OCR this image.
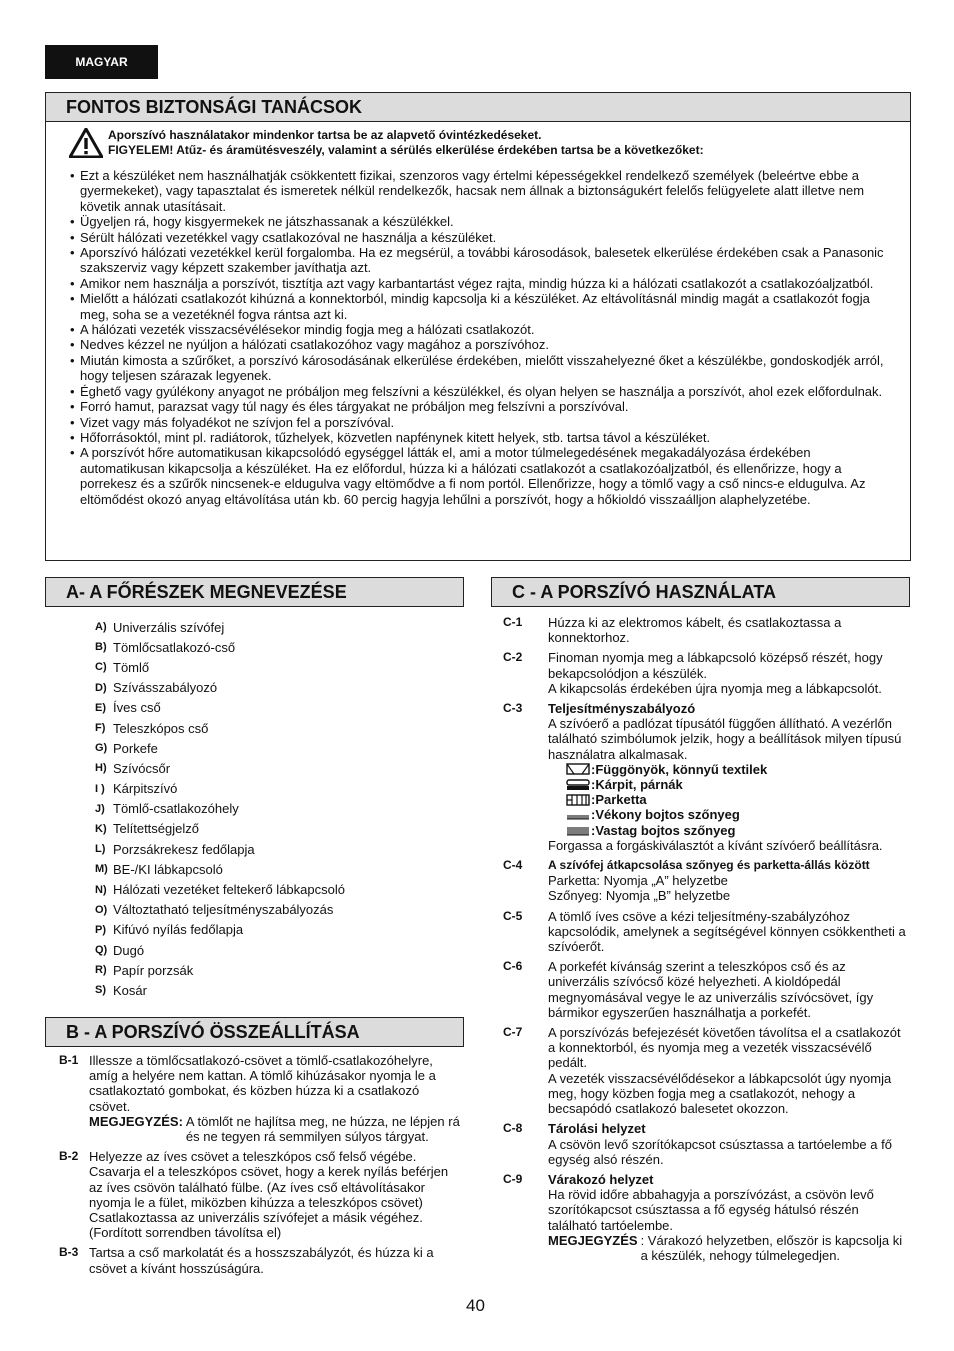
MAGYAR
FONTOS BIZTONSÁGI TANÁCSOK
Aporszívó használatakor mindenkor tartsa be az alapvető óvintézkedéseket.
FIGYELEM! Atűz- és áramütésveszély, valamint a sérülés elkerülése érdekében tartsa be a következőket:
• Ezt a készüléket nem használhatják csökkentett fizikai, szenzoros vagy értelmi képességekkel rendelkező személyek (beleértve ebbe a gyermekeket), vagy tapasztalat és ismeretek nélkül rendelkezők, hacsak nem állnak a biztonságukért felelős felügyelete alatt illetve nem követik annak utasításait.
• Ügyeljen rá, hogy kisgyermekek ne játszhassanak a készülékkel.
• Sérült hálózati vezetékkel vagy csatlakozóval ne használja a készüléket.
• Aporszívó hálózati vezetékkel kerül forgalomba. Ha ez megsérül, a további károsodások, balesetek elkerülése érdekében csak a Panasonic szakszerviz vagy képzett szakember javíthatja azt.
• Amikor nem használja a porszívót, tisztítja azt vagy karbantartást végez rajta, mindig húzza ki a hálózati csatlakozót a csatlakozóaljzatból.
• Mielőtt a hálózati csatlakozót kihúzná a konnektorból, mindig kapcsolja ki a készüléket. Az eltávolításnál mindig magát a csatlakozót fogja meg, soha se a vezetéknél fogva rántsa azt ki.
• A hálózati vezeték visszacsévélésekor mindig fogja meg a hálózati csatlakozót.
• Nedves kézzel ne nyúljon a hálózati csatlakozóhoz vagy magához a porszívóhoz.
• Miután kimosta a szűrőket, a porszívó károsodásának elkerülése érdekében, mielőtt visszahelyezné őket a készülékbe, gondoskodjék arról, hogy teljesen szárazak legyenek.
• Éghető vagy gyúlékony anyagot ne próbáljon meg felszívni a készülékkel, és olyan helyen se használja a porszívót, ahol ezek előfordulnak.
• Forró hamut, parazsat vagy túl nagy és éles tárgyakat ne próbáljon meg felszívni a porszívóval.
• Vizet vagy más folyadékot ne szívjon fel a porszívóval.
• Hőforrásoktól, mint pl. radiátorok, tűzhelyek, közvetlen napfénynek kitett helyek, stb. tartsa távol a készüléket.
• A porszívót hőre automatikusan kikapcsolódó egységgel látták el, ami a motor túlmelegedésének megakadályozása érdekében automatikusan kikapcsolja a készüléket. Ha ez előfordul, húzza ki a hálózati csatlakozót a csatlakozóaljzatból, és ellenőrizze, hogy a porrekesz és a szűrők nincsenek-e eldugulva vagy eltömődve a fi nom portól. Ellenőrizze, hogy a tömlő vagy a cső nincs-e eldugulva. Az eltömődést okozó anyag eltávolítása után kb. 60 percig hagyja lehűlni a porszívót, hogy a hőkioldó visszaálljon alaphelyzetébe.
A- A FŐRÉSZEK MEGNEVEZÉSE
A) Univerzális szívófej
B) Tömlőcsatlakozó-cső
C) Tömlő
D) Szívásszabályozó
E) Íves cső
F) Teleszkópos cső
G) Porkefe
H) Szívócsőr
I ) Kárpitszívó
J) Tömlő-csatlakozóhely
K) Telítettségjelző
L) Porzsákrekesz fedőlapja
M) BE-/KI lábkapcsoló
N) Hálózati vezetéket feltekerő lábkapcsoló
O) Változtatható teljesítményszabályozás
P) Kifúvó nyílás fedőlapja
Q) Dugó
R) Papír porzsák
S) Kosár
B - A PORSZÍVÓ ÖSSZEÁLLÍTÁSA
B-1 Illessze a tömlőcsatlakozó-csövet a tömlő-csatlakozóhelyre, amíg a helyére nem kattan. A tömlő kihúzásakor nyomja le a csatlakoztató gombokat, és közben húzza ki a csatlakozó csövet.
MEGJEGYZÉS: A tömlőt ne hajlítsa meg, ne húzza, ne lépjen rá és ne tegyen rá semmilyen súlyos tárgyat.
B-2 Helyezze az íves csövet a teleszkópos cső felső végébe. Csavarja el a teleszkópos csövet, hogy a kerek nyílás beférjen az íves csövön található fülbe. (Az íves cső eltávolításakor nyomja le a fület, miközben kihúzza a teleszkópos csövet) Csatlakoztassa az univerzális szívófejet a másik végéhez. (Fordított sorrendben távolítsa el)
B-3 Tartsa a cső markolatát és a hosszszabályzót, és húzza ki a csövet a kívánt hosszúságúra.
C - A PORSZÍVÓ HASZNÁLATA
C-1	Húzza ki az elektromos kábelt, és csatlakoztassa a konnektorhoz.
C-2	Finoman nyomja meg a lábkapcsoló középső részét, hogy bekapcsolódjon a készülék.
A kikapcsolás érdekében újra nyomja meg a lábkapcsolót.
C-3	Teljesítményszabályozó
A szívóerő a padlózat típusától függően állítható. A vezérlőn található szimbólumok jelzik, hogy a beállítások milyen típusú használatra alkalmasak.
:Függönyök, könnyű textilek
:Kárpit, párnák
:Parketta
:Vékony bojtos szőnyeg
:Vastag bojtos szőnyeg
Forgassa a forgáskiválasztót a kívánt szívóerő beállításra.
C-4	A szívófej átkapcsolása szőnyeg és parketta-állás között
Parketta: Nyomja „A” helyzetbe
Szőnyeg: Nyomja „B” helyzetbe
C-5	A tömlő íves csöve a kézi teljesítmény-szabályzóhoz kapcsolódik, amelynek a segítségével könnyen csökkentheti a szívóerőt.
C-6	A porkefét kívánság szerint a teleszkópos cső és az univerzális szívócső közé helyezheti. A kioldópedál megnyomásával vegye le az univerzális szívócsövet, így bármikor egyszerűen használhatja a porkefét.
C-7	A porszívózás befejezését követően távolítsa el a csatlakozót a konnektorból, és nyomja meg a vezeték visszacsévélő pedált.
A vezeték visszacsévélődésekor a lábkapcsolót úgy nyomja meg, hogy közben fogja meg a csatlakozót, nehogy a becsapódó csatlakozó balesetet okozzon.
C-8	Tárolási helyzet
A csövön levő szorítókapcsot csúsztassa a tartóelembe a fő egység alsó részén.
C-9	Várakozó helyzet
Ha rövid időre abbahagyja a porszívózást, a csövön levő szorítókapcsot csúsztassa a fő egység hátulsó részén található tartóelembe.
MEGJEGYZÉS : Várakozó helyzetben, először is kapcsolja ki a készülék, nehogy túlmelegedjen.
40
